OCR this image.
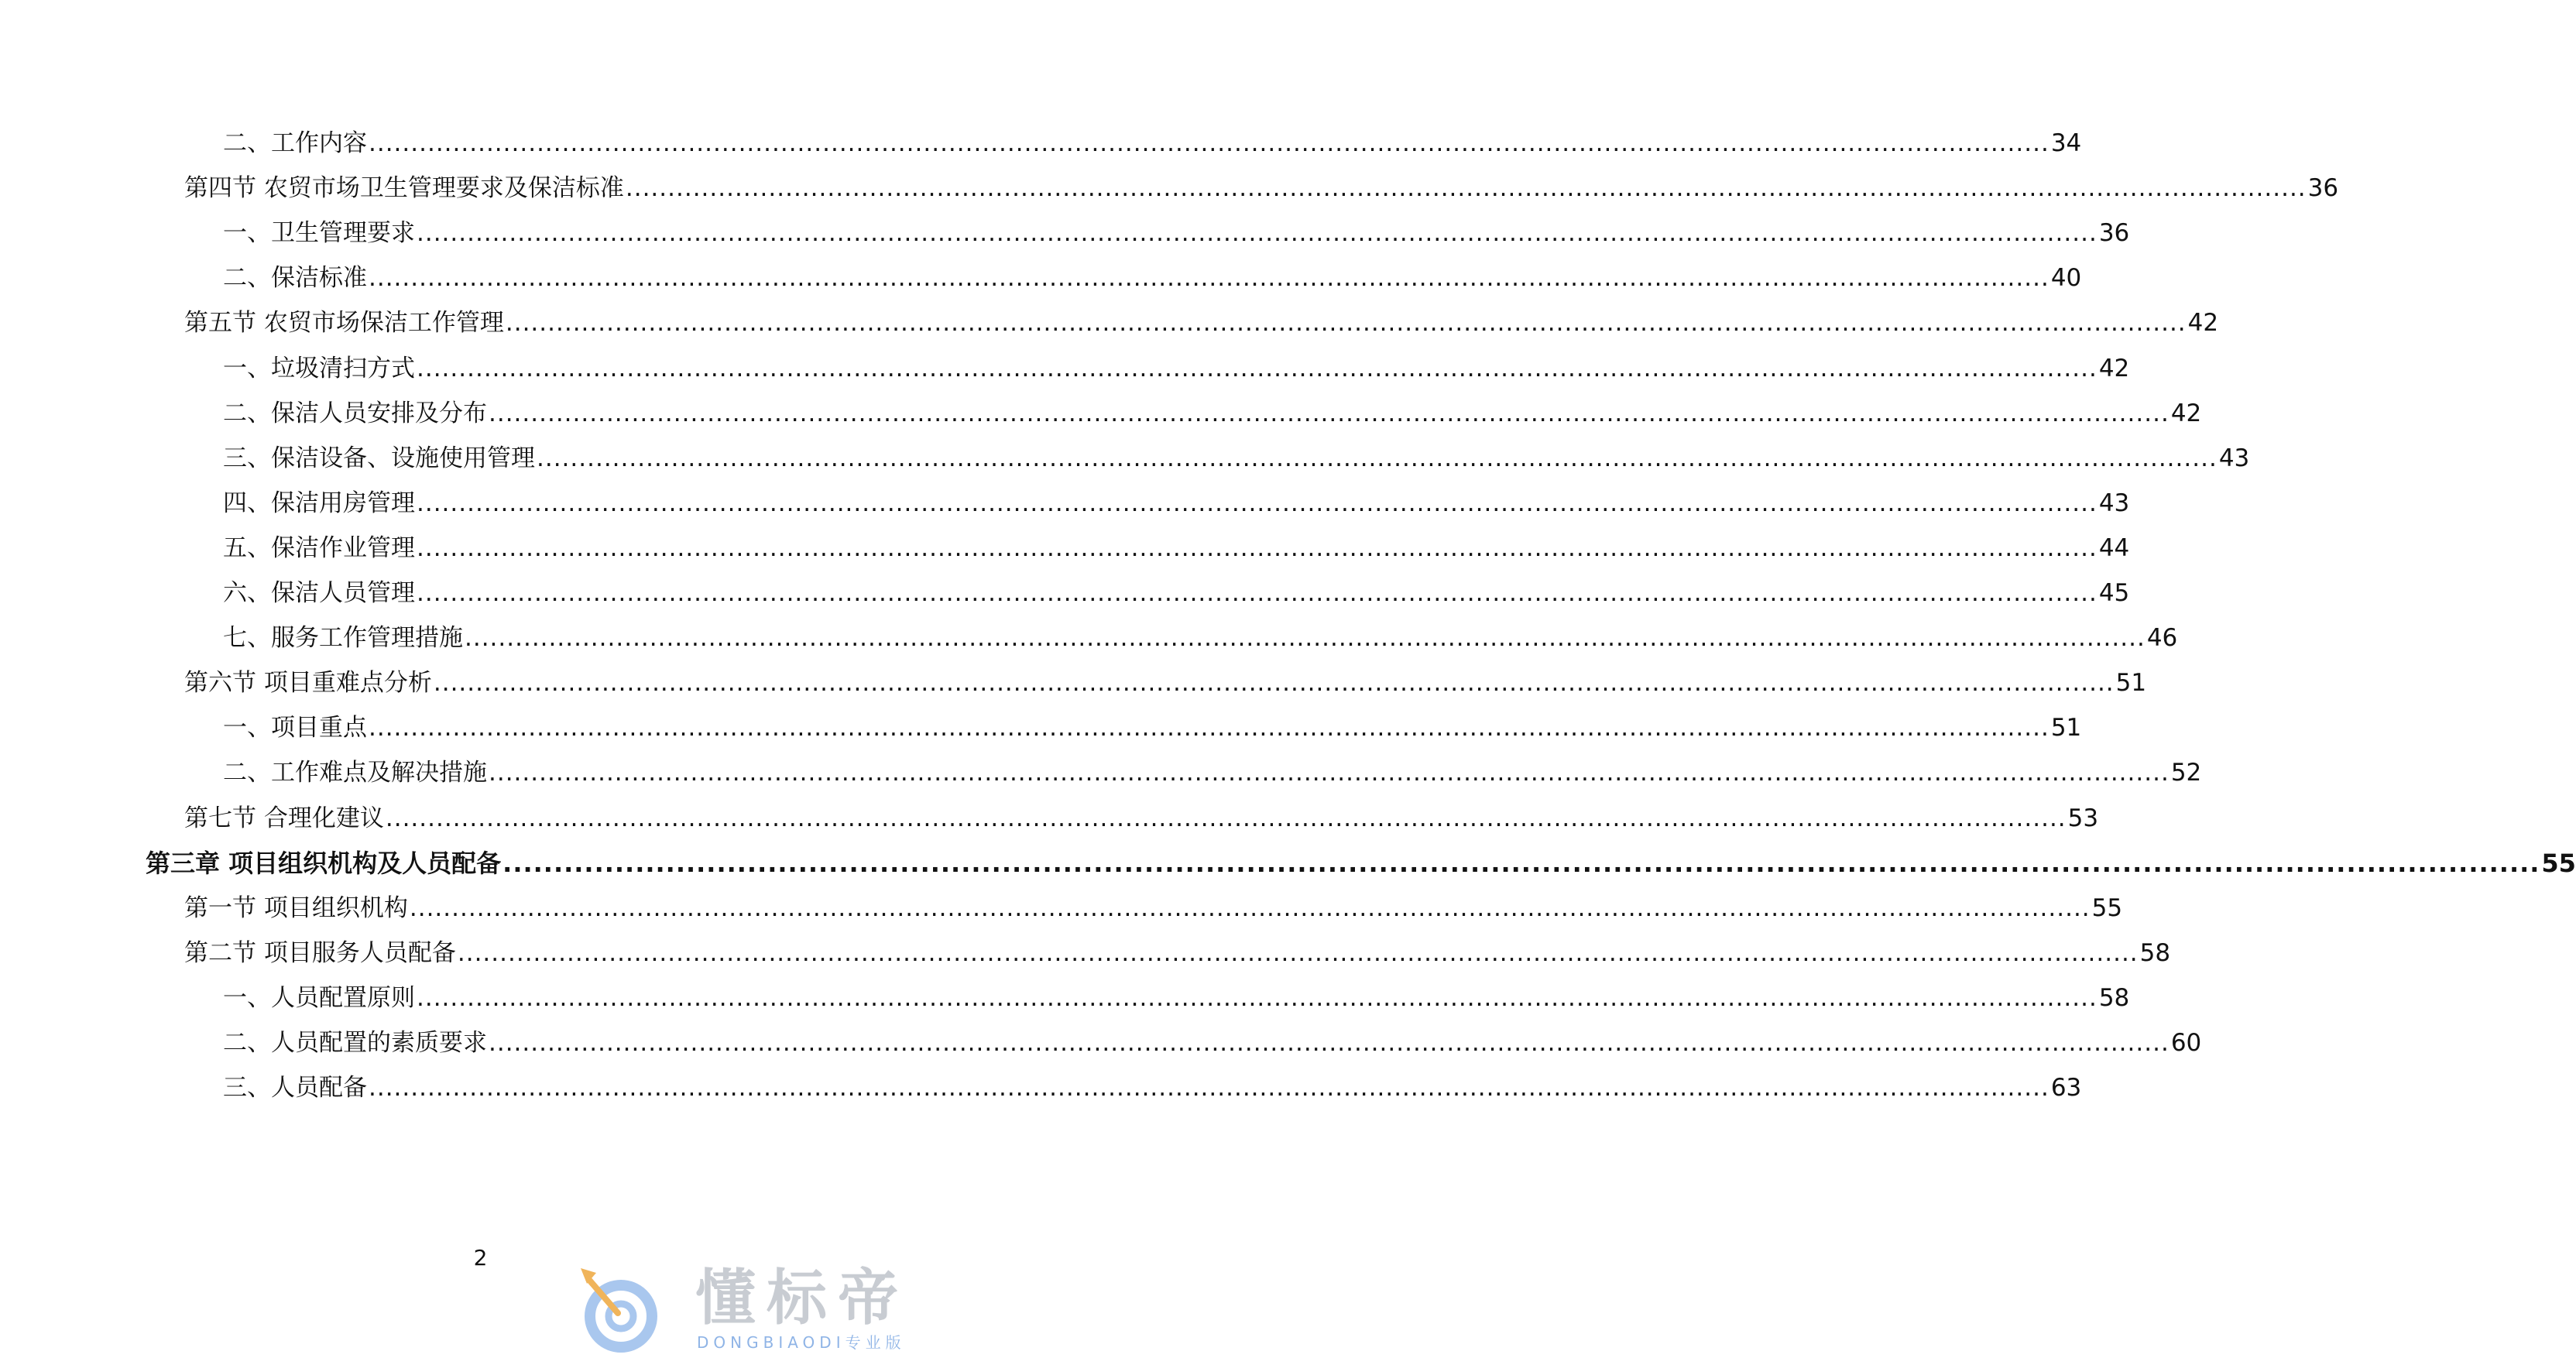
二、工作内容 ........................................................................................................................................................................................................ 34
第四节 农贸市场卫生管理要求及保洁标准 ........................................................................................................................................................................................................ 36
一、卫生管理要求 ........................................................................................................................................................................................................ 36
二、保洁标准 ........................................................................................................................................................................................................ 40
第五节 农贸市场保洁工作管理 ........................................................................................................................................................................................................ 42
一、垃圾清扫方式 ........................................................................................................................................................................................................ 42
二、保洁人员安排及分布 ........................................................................................................................................................................................................ 42
三、保洁设备、设施使用管理 ........................................................................................................................................................................................................ 43
四、保洁用房管理 ........................................................................................................................................................................................................ 43
五、保洁作业管理 ........................................................................................................................................................................................................ 44
六、保洁人员管理 ........................................................................................................................................................................................................ 45
七、服务工作管理措施 ........................................................................................................................................................................................................ 46
第六节 项目重难点分析 ........................................................................................................................................................................................................ 51
一、项目重点 ........................................................................................................................................................................................................ 51
二、工作难点及解决措施 ........................................................................................................................................................................................................ 52
第七节 合理化建议 ........................................................................................................................................................................................................ 53
第三章 项目组织机构及人员配备 ........................................................................................................................................................................................................ 55
第一节 项目组织机构 ........................................................................................................................................................................................................ 55
第二节 项目服务人员配备 ........................................................................................................................................................................................................ 58
一、人员配置原则 ........................................................................................................................................................................................................ 58
二、人员配置的素质要求 ........................................................................................................................................................................................................ 60
三、人员配备 ........................................................................................................................................................................................................ 63
2
懂标帝
DONGBIAODI专业版
